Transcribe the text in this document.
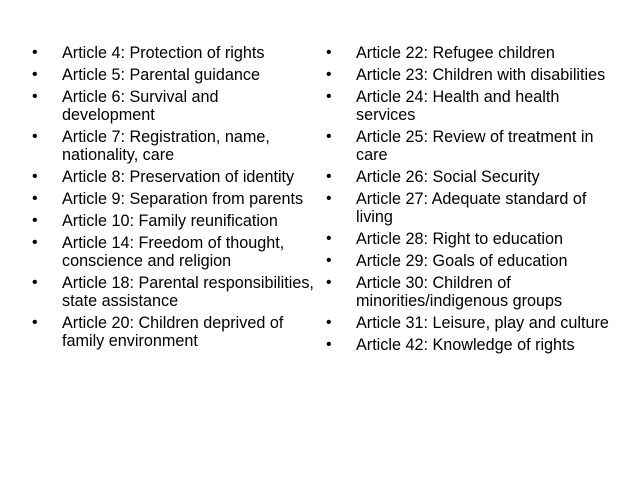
•	Article 4: Protection of rights
•	Article 5: Parental guidance
•	Article 6: Survival and development
•	Article 7: Registration, name, nationality, care
•	Article 8: Preservation of identity
•	Article 9: Separation from parents
•	Article 10: Family reunification
•	Article 14: Freedom of thought, conscience and religion
•	Article 18: Parental responsibilities, state assistance
•	Article 20: Children deprived of family environment
•	Article 22: Refugee children
•	Article 23: Children with disabilities
•	Article 24: Health and health services
•	Article 25: Review of treatment in care
•	Article 26: Social Security
•	Article 27: Adequate standard of living
•	Article 28: Right to education
•	Article 29: Goals of education
•	Article 30: Children of minorities/indigenous groups
•	Article 31: Leisure, play and culture
•	Article 42: Knowledge of rights
